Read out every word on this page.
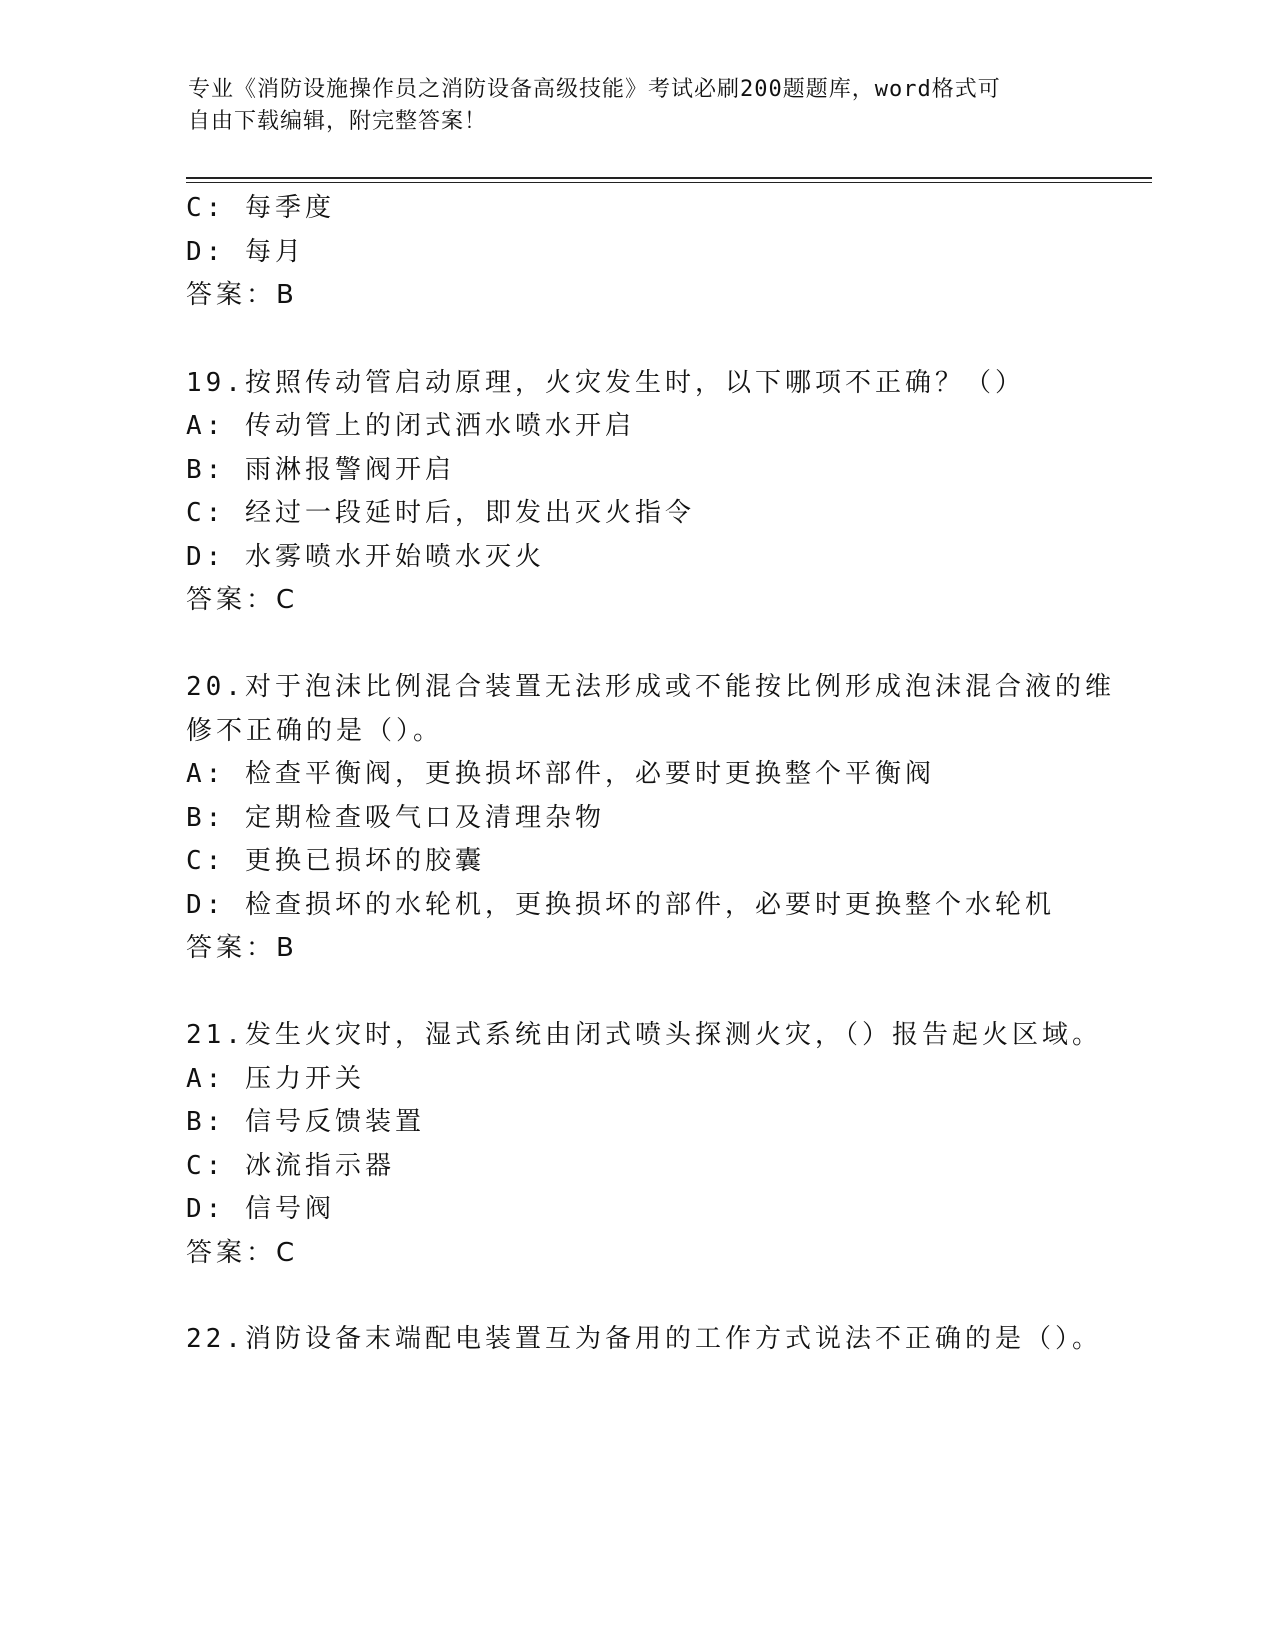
专业《消防设施操作员之消防设备高级技能》考试必刷200题题库，word格式可
自由下载编辑，附完整答案！
C: 每季度
D: 每月
答案：B
19.按照传动管启动原理，火灾发生时，以下哪项不正确？（）
A: 传动管上的闭式洒水喷水开启
B: 雨淋报警阀开启
C: 经过一段延时后，即发出灭火指令
D: 水雾喷水开始喷水灭火
答案：C
20.对于泡沫比例混合装置无法形成或不能按比例形成泡沫混合液的维
修不正确的是（）。
A: 检查平衡阀，更换损坏部件，必要时更换整个平衡阀
B: 定期检查吸气口及清理杂物
C: 更换已损坏的胶囊
D: 检查损坏的水轮机，更换损坏的部件，必要时更换整个水轮机
答案：B
21.发生火灾时，湿式系统由闭式喷头探测火灾，（）报告起火区域。
A: 压力开关
B: 信号反馈装置
C: 冰流指示器
D: 信号阀
答案：C
22.消防设备末端配电装置互为备用的工作方式说法不正确的是（）。
